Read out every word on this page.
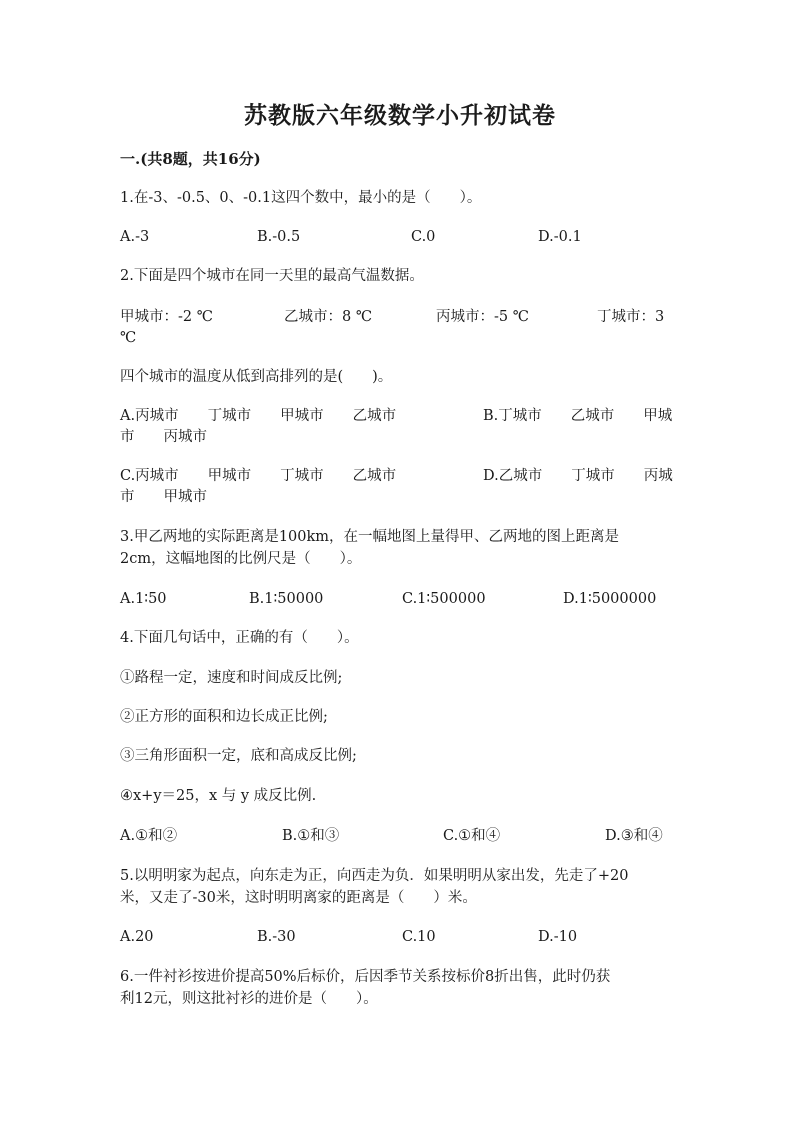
苏教版六年级数学小升初试卷
一.(共8题，共16分)
1.在-3、-0.5、0、-0.1这四个数中，最小的是（　　）。
A.-3	B.-0.5	C.0	D.-0.1
2.下面是四个城市在同一天里的最高气温数据。
甲城市：-2 ℃	乙城市：8 ℃	丙城市：-5 ℃	丁城市：3
℃
四个城市的温度从低到高排列的是(　　)。
A.丙城市　　丁城市　　甲城市　　乙城市	B.丁城市　　乙城市　　甲城
市　　丙城市
C.丙城市　　甲城市　　丁城市　　乙城市	D.乙城市　　丁城市　　丙城
市　　甲城市
3.甲乙两地的实际距离是100km，在一幅地图上量得甲、乙两地的图上距离是
2cm，这幅地图的比例尺是（　　）。
A.1∶50	B.1∶50000	C.1∶500000	D.1∶5000000
4.下面几句话中，正确的有（　　）。
①路程一定，速度和时间成反比例;
②正方形的面积和边长成正比例;
③三角形面积一定，底和高成反比例;
④x+y＝25，x 与 y 成反比例.
A.①和②	B.①和③	C.①和④	D.③和④
5.以明明家为起点，向东走为正，向西走为负．如果明明从家出发，先走了+20
米，又走了-30米，这时明明离家的距离是（　　）米。
A.20	B.-30	C.10	D.-10
6.一件衬衫按进价提高50%后标价，后因季节关系按标价8折出售，此时仍获
利12元，则这批衬衫的进价是（　　）。
